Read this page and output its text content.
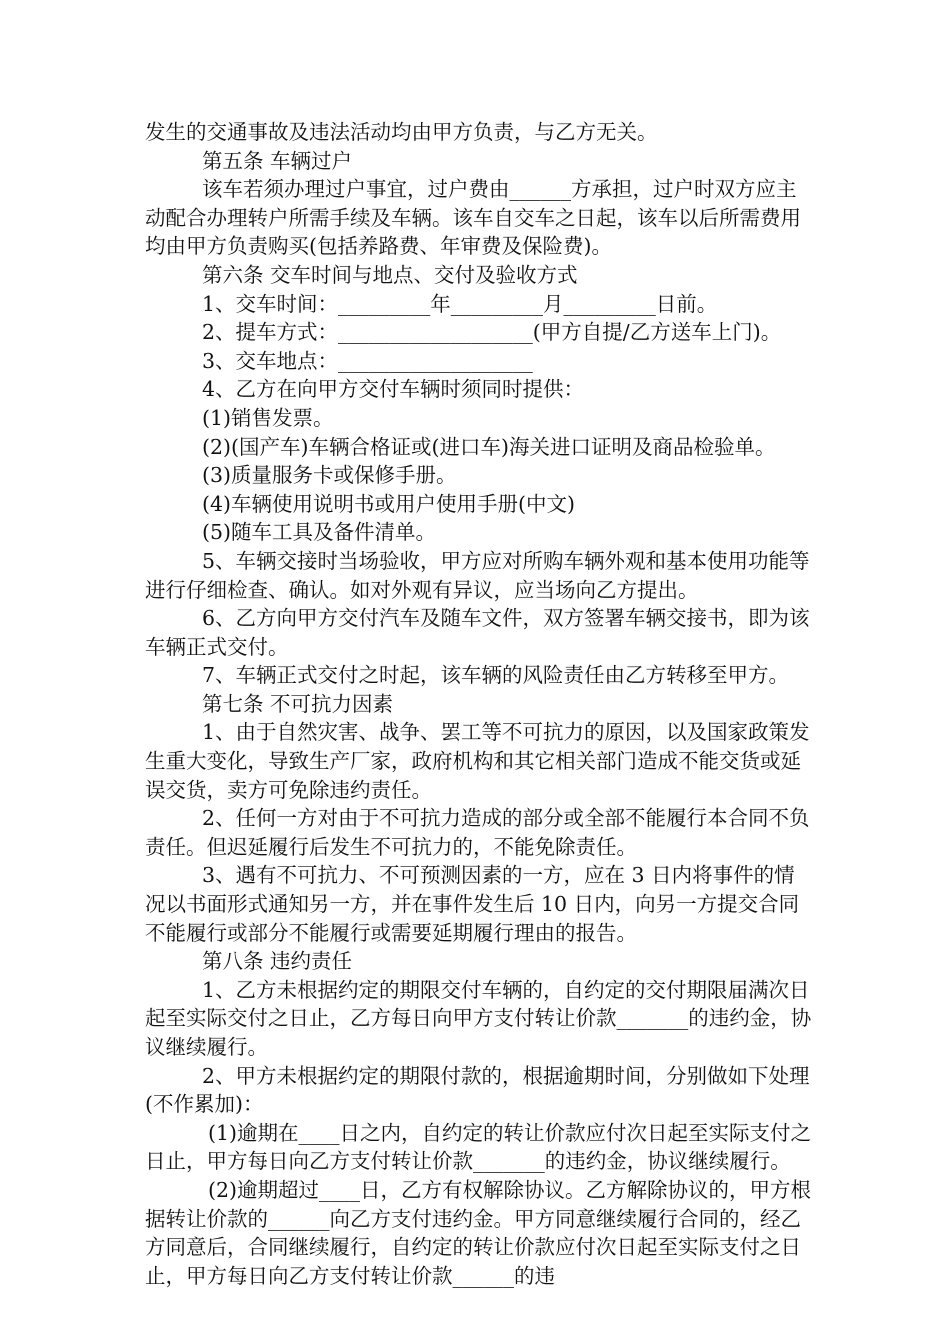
发生的交通事故及违法活动均由甲方负责，与乙方无关。

第五条 车辆过户

该车若须办理过户事宜，过户费由______方承担，过户时双方应主动配合办理转户所需手续及车辆。该车自交车之日起，该车以后所需费用均由甲方负责购买(包括养路费、年审费及保险费)。

第六条 交车时间与地点、交付及验收方式

1、交车时间：_________年_________月_________日前。

2、提车方式：___________________(甲方自提/乙方送车上门)。

3、交车地点：___________________

4、乙方在向甲方交付车辆时须同时提供：

(1)销售发票。

(2)(国产车)车辆合格证或(进口车)海关进口证明及商品检验单。

(3)质量服务卡或保修手册。

(4)车辆使用说明书或用户使用手册(中文)

(5)随车工具及备件清单。

5、车辆交接时当场验收，甲方应对所购车辆外观和基本使用功能等进行仔细检查、确认。如对外观有异议，应当场向乙方提出。

6、乙方向甲方交付汽车及随车文件，双方签署车辆交接书，即为该车辆正式交付。

7、车辆正式交付之时起，该车辆的风险责任由乙方转移至甲方。

第七条 不可抗力因素

1、由于自然灾害、战争、罢工等不可抗力的原因，以及国家政策发生重大变化，导致生产厂家，政府机构和其它相关部门造成不能交货或延误交货，卖方可免除违约责任。

2、任何一方对由于不可抗力造成的部分或全部不能履行本合同不负责任。但迟延履行后发生不可抗力的，不能免除责任。

3、遇有不可抗力、不可预测因素的一方，应在 3 日内将事件的情况以书面形式通知另一方，并在事件发生后 10 日内，向另一方提交合同不能履行或部分不能履行或需要延期履行理由的报告。

第八条 违约责任

1、乙方未根据约定的期限交付车辆的，自约定的交付期限届满次日起至实际交付之日止，乙方每日向甲方支付转让价款_______的违约金，协议继续履行。

2、甲方未根据约定的期限付款的，根据逾期时间，分别做如下处理(不作累加)：

(1)逾期在____日之内，自约定的转让价款应付次日起至实际支付之日止，甲方每日向乙方支付转让价款_______的违约金，协议继续履行。

(2)逾期超过____日，乙方有权解除协议。乙方解除协议的，甲方根据转让价款的______向乙方支付违约金。甲方同意继续履行合同的，经乙方同意后，合同继续履行，自约定的转让价款应付次日起至实际支付之日止，甲方每日向乙方支付转让价款______的违
